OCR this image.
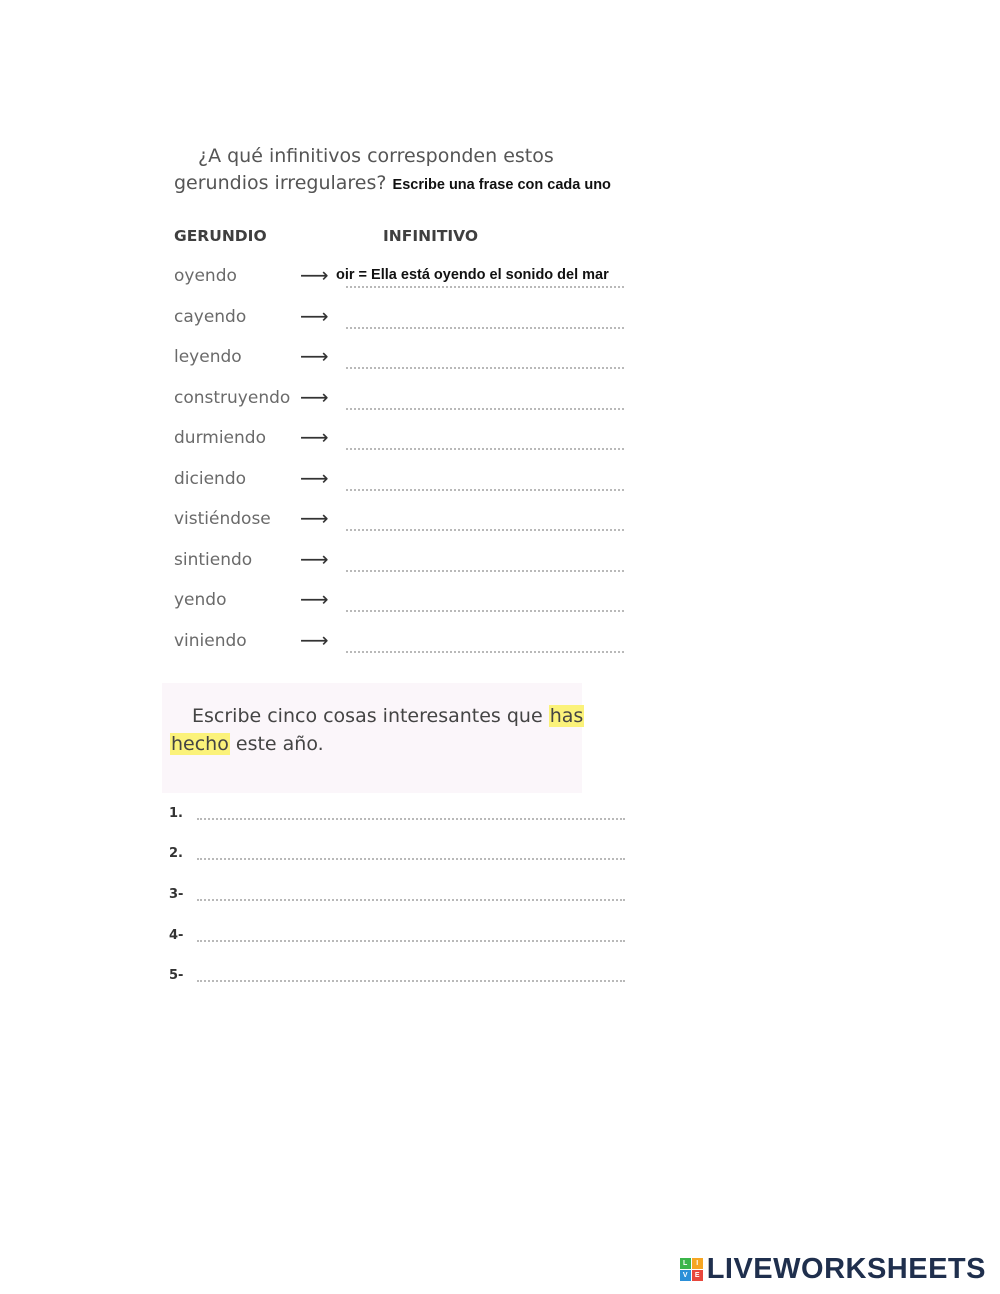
¿A qué infinitivos corresponden estos
gerundios irregulares? Escribe una frase con cada uno
GERUNDIO	INFINITIVO
oyendo	⟶ oir = Ella está oyendo el sonido del mar
cayendo	⟶
leyendo	⟶
construyendo ⟶
durmiendo ⟶
diciendo	⟶
vistiéndose ⟶
sintiendo ⟶
yendo	⟶
viniendo	⟶
Escribe cinco cosas interesantes que has
hecho este año.
1.
2.
3-
4-
5-
L	I
V	E LIVEWORKSHEETS
